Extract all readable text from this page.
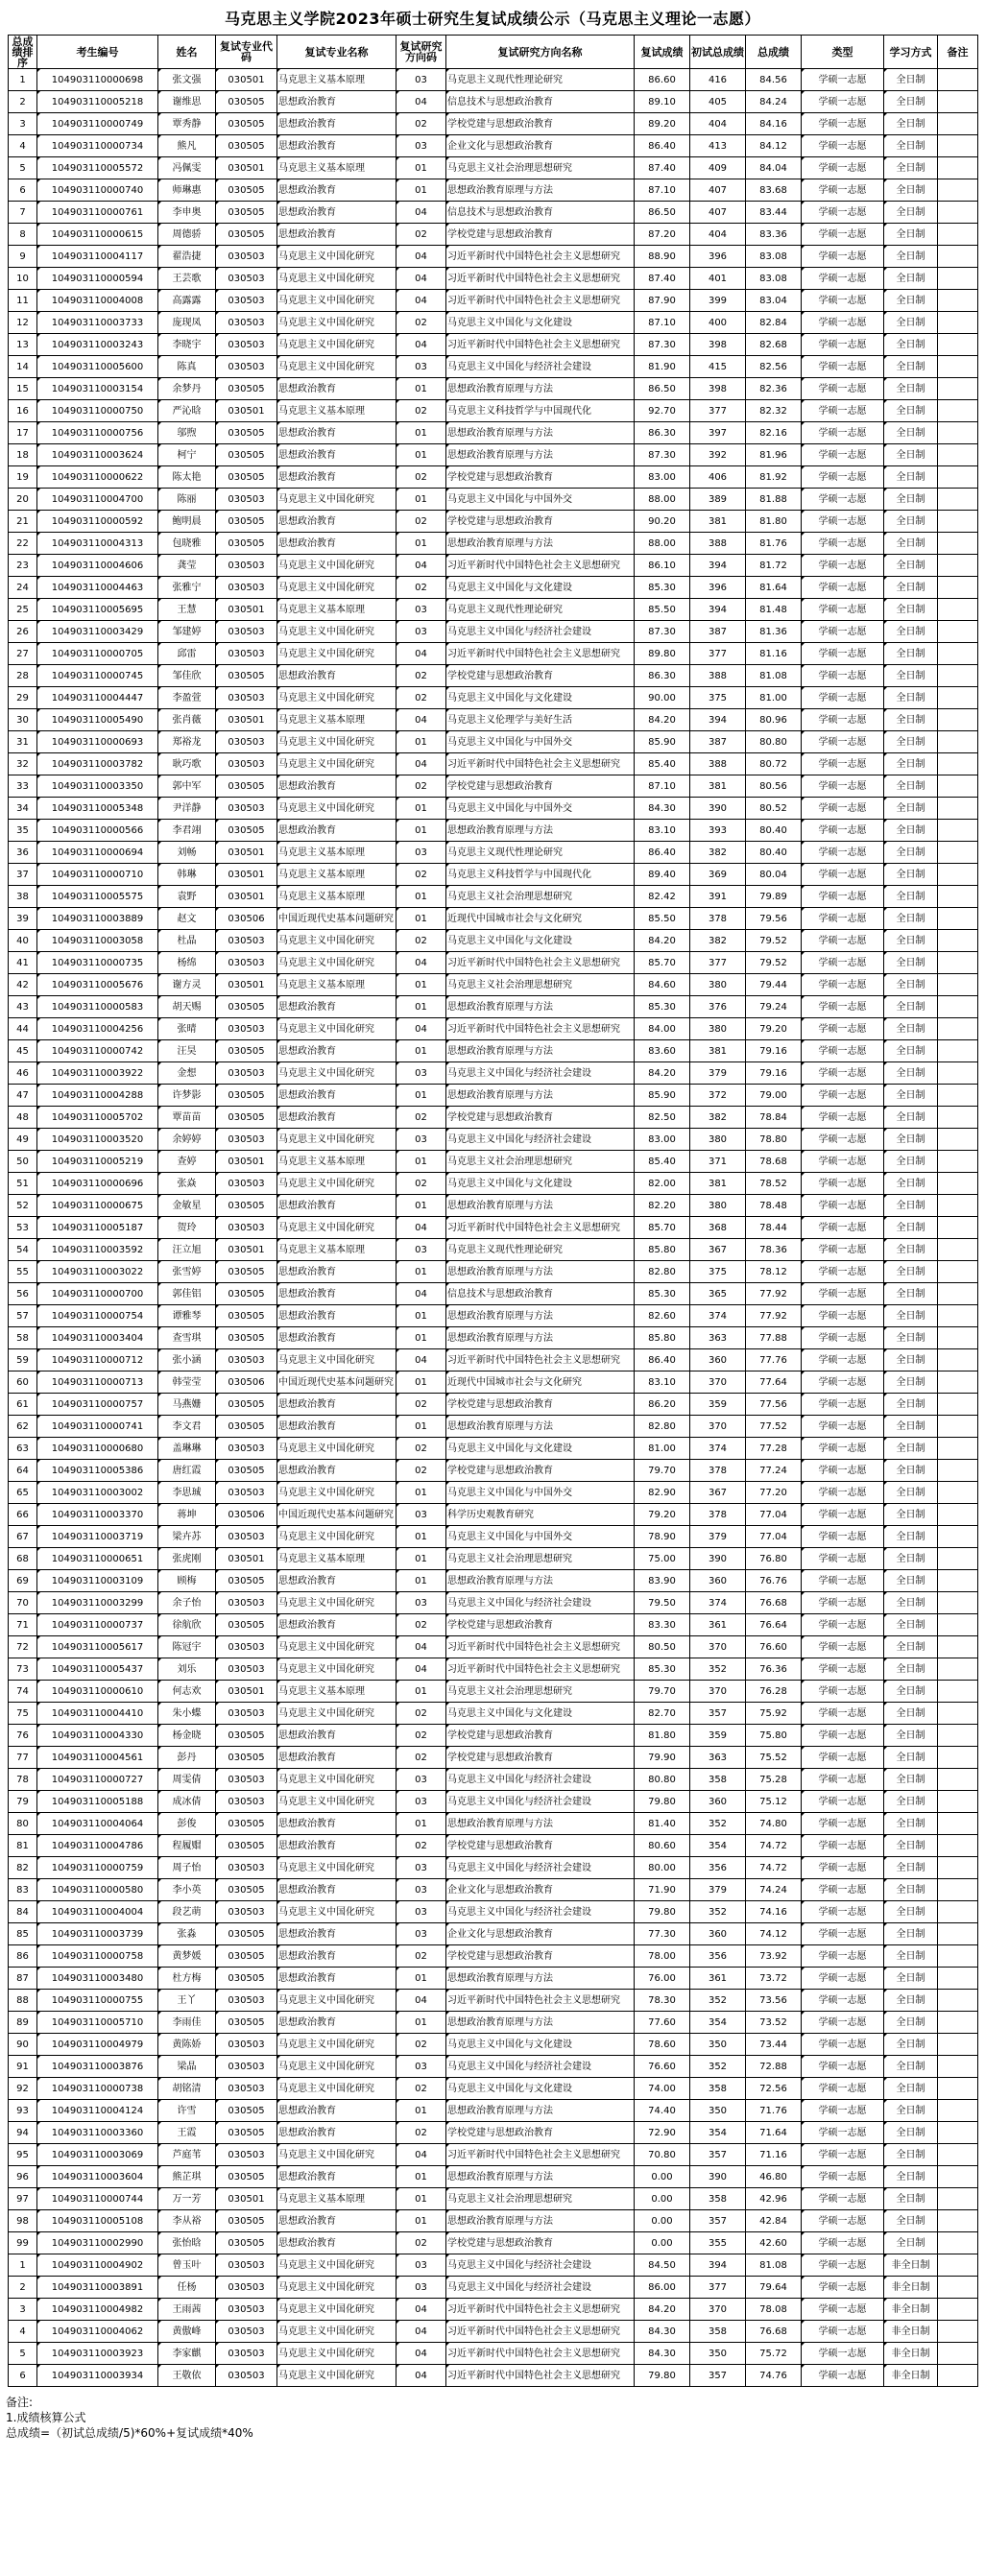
马克思主义学院2023年硕士研究生复试成绩公示（马克思主义理论一志愿）
总成绩排序	考生编号	姓名	复试专业代码	复试专业名称	复试研究方向码	复试研究方向名称	复试成绩	初试总成绩	总成绩	类型	学习方式	备注
1	104903110000698	张文强	030501	马克思主义基本原理	03	马克思主义现代性理论研究	86.60	416	84.56	学硕一志愿	全日制	
2	104903110005218	谢维思	030505	思想政治教育	04	信息技术与思想政治教育	89.10	405	84.24	学硕一志愿	全日制	
3	104903110000749	覃秀静	030505	思想政治教育	02	学校党建与思想政治教育	89.20	404	84.16	学硕一志愿	全日制	
4	104903110000734	熊凡	030505	思想政治教育	03	企业文化与思想政治教育	86.40	413	84.12	学硕一志愿	全日制	
5	104903110005572	冯佩雯	030501	马克思主义基本原理	01	马克思主义社会治理思想研究	87.40	409	84.04	学硕一志愿	全日制	
6	104903110000740	师琳惠	030505	思想政治教育	01	思想政治教育原理与方法	87.10	407	83.68	学硕一志愿	全日制	
7	104903110000761	李申奥	030505	思想政治教育	04	信息技术与思想政治教育	86.50	407	83.44	学硕一志愿	全日制	
8	104903110000615	周德骄	030505	思想政治教育	02	学校党建与思想政治教育	87.20	404	83.36	学硕一志愿	全日制	
9	104903110004117	翟浩捷	030503	马克思主义中国化研究	04	习近平新时代中国特色社会主义思想研究	88.90	396	83.08	学硕一志愿	全日制	
10	104903110000594	王芸歌	030503	马克思主义中国化研究	04	习近平新时代中国特色社会主义思想研究	87.40	401	83.08	学硕一志愿	全日制	
11	104903110004008	高露露	030503	马克思主义中国化研究	04	习近平新时代中国特色社会主义思想研究	87.90	399	83.04	学硕一志愿	全日制	
12	104903110003733	庞现凤	030503	马克思主义中国化研究	02	马克思主义中国化与文化建设	87.10	400	82.84	学硕一志愿	全日制	
13	104903110003243	李晓宇	030503	马克思主义中国化研究	04	习近平新时代中国特色社会主义思想研究	87.30	398	82.68	学硕一志愿	全日制	
14	104903110005600	陈真	030503	马克思主义中国化研究	03	马克思主义中国化与经济社会建设	81.90	415	82.56	学硕一志愿	全日制	
15	104903110003154	余梦丹	030505	思想政治教育	01	思想政治教育原理与方法	86.50	398	82.36	学硕一志愿	全日制	
16	104903110000750	严沁晗	030501	马克思主义基本原理	02	马克思主义科技哲学与中国现代化	92.70	377	82.32	学硕一志愿	全日制	
17	104903110000756	邬煦	030505	思想政治教育	01	思想政治教育原理与方法	86.30	397	82.16	学硕一志愿	全日制	
18	104903110003624	柯宁	030505	思想政治教育	01	思想政治教育原理与方法	87.30	392	81.96	学硕一志愿	全日制	
19	104903110000622	陈太艳	030505	思想政治教育	02	学校党建与思想政治教育	83.00	406	81.92	学硕一志愿	全日制	
20	104903110004700	陈丽	030503	马克思主义中国化研究	01	马克思主义中国化与中国外交	88.00	389	81.88	学硕一志愿	全日制	
21	104903110000592	鲍明晨	030505	思想政治教育	02	学校党建与思想政治教育	90.20	381	81.80	学硕一志愿	全日制	
22	104903110004313	包晓雅	030505	思想政治教育	01	思想政治教育原理与方法	88.00	388	81.76	学硕一志愿	全日制	
23	104903110004606	龚莹	030503	马克思主义中国化研究	04	习近平新时代中国特色社会主义思想研究	86.10	394	81.72	学硕一志愿	全日制	
24	104903110004463	张雅宁	030503	马克思主义中国化研究	02	马克思主义中国化与文化建设	85.30	396	81.64	学硕一志愿	全日制	
25	104903110005695	王慧	030501	马克思主义基本原理	03	马克思主义现代性理论研究	85.50	394	81.48	学硕一志愿	全日制	
26	104903110003429	邹建婷	030503	马克思主义中国化研究	03	马克思主义中国化与经济社会建设	87.30	387	81.36	学硕一志愿	全日制	
27	104903110000705	邱雷	030503	马克思主义中国化研究	04	习近平新时代中国特色社会主义思想研究	89.80	377	81.16	学硕一志愿	全日制	
28	104903110000745	邹佳欣	030505	思想政治教育	02	学校党建与思想政治教育	86.30	388	81.08	学硕一志愿	全日制	
29	104903110004447	李盈萱	030503	马克思主义中国化研究	02	马克思主义中国化与文化建设	90.00	375	81.00	学硕一志愿	全日制	
30	104903110005490	张肖薇	030501	马克思主义基本原理	04	马克思主义伦理学与美好生活	84.20	394	80.96	学硕一志愿	全日制	
31	104903110000693	郑裕龙	030503	马克思主义中国化研究	01	马克思主义中国化与中国外交	85.90	387	80.80	学硕一志愿	全日制	
32	104903110003782	耿巧歌	030503	马克思主义中国化研究	04	习近平新时代中国特色社会主义思想研究	85.40	388	80.72	学硕一志愿	全日制	
33	104903110003350	郭中军	030505	思想政治教育	02	学校党建与思想政治教育	87.10	381	80.56	学硕一志愿	全日制	
34	104903110005348	尹洋静	030503	马克思主义中国化研究	01	马克思主义中国化与中国外交	84.30	390	80.52	学硕一志愿	全日制	
35	104903110000566	李君翊	030505	思想政治教育	01	思想政治教育原理与方法	83.10	393	80.40	学硕一志愿	全日制	
36	104903110000694	刘畅	030501	马克思主义基本原理	03	马克思主义现代性理论研究	86.40	382	80.40	学硕一志愿	全日制	
37	104903110000710	韩琳	030501	马克思主义基本原理	02	马克思主义科技哲学与中国现代化	89.40	369	80.04	学硕一志愿	全日制	
38	104903110005575	袁野	030501	马克思主义基本原理	01	马克思主义社会治理思想研究	82.42	391	79.89	学硕一志愿	全日制	
39	104903110003889	赵文	030506	中国近现代史基本问题研究	01	近现代中国城市社会与文化研究	85.50	378	79.56	学硕一志愿	全日制	
40	104903110003058	杜晶	030503	马克思主义中国化研究	02	马克思主义中国化与文化建设	84.20	382	79.52	学硕一志愿	全日制	
41	104903110000735	杨绵	030503	马克思主义中国化研究	04	习近平新时代中国特色社会主义思想研究	85.70	377	79.52	学硕一志愿	全日制	
42	104903110005676	谢方灵	030501	马克思主义基本原理	01	马克思主义社会治理思想研究	84.60	380	79.44	学硕一志愿	全日制	
43	104903110000583	胡天赐	030505	思想政治教育	01	思想政治教育原理与方法	85.30	376	79.24	学硕一志愿	全日制	
44	104903110004256	张晴	030503	马克思主义中国化研究	04	习近平新时代中国特色社会主义思想研究	84.00	380	79.20	学硕一志愿	全日制	
45	104903110000742	汪昊	030505	思想政治教育	01	思想政治教育原理与方法	83.60	381	79.16	学硕一志愿	全日制	
46	104903110003922	金想	030503	马克思主义中国化研究	03	马克思主义中国化与经济社会建设	84.20	379	79.16	学硕一志愿	全日制	
47	104903110004288	许梦影	030505	思想政治教育	01	思想政治教育原理与方法	85.90	372	79.00	学硕一志愿	全日制	
48	104903110005702	覃苗苗	030505	思想政治教育	02	学校党建与思想政治教育	82.50	382	78.84	学硕一志愿	全日制	
49	104903110003520	余婷婷	030503	马克思主义中国化研究	03	马克思主义中国化与经济社会建设	83.00	380	78.80	学硕一志愿	全日制	
50	104903110005219	查婷	030501	马克思主义基本原理	01	马克思主义社会治理思想研究	85.40	371	78.68	学硕一志愿	全日制	
51	104903110000696	张焱	030503	马克思主义中国化研究	02	马克思主义中国化与文化建设	82.00	381	78.52	学硕一志愿	全日制	
52	104903110000675	金敏星	030505	思想政治教育	01	思想政治教育原理与方法	82.20	380	78.48	学硕一志愿	全日制	
53	104903110005187	贺玲	030503	马克思主义中国化研究	04	习近平新时代中国特色社会主义思想研究	85.70	368	78.44	学硕一志愿	全日制	
54	104903110003592	汪立旭	030501	马克思主义基本原理	03	马克思主义现代性理论研究	85.80	367	78.36	学硕一志愿	全日制	
55	104903110003022	张雪婷	030505	思想政治教育	01	思想政治教育原理与方法	82.80	375	78.12	学硕一志愿	全日制	
56	104903110000700	郭佳铝	030505	思想政治教育	04	信息技术与思想政治教育	85.30	365	77.92	学硕一志愿	全日制	
57	104903110000754	谭雅琴	030505	思想政治教育	01	思想政治教育原理与方法	82.60	374	77.92	学硕一志愿	全日制	
58	104903110003404	查雪琪	030505	思想政治教育	01	思想政治教育原理与方法	85.80	363	77.88	学硕一志愿	全日制	
59	104903110000712	张小涵	030503	马克思主义中国化研究	04	习近平新时代中国特色社会主义思想研究	86.40	360	77.76	学硕一志愿	全日制	
60	104903110000713	韩莹莹	030506	中国近现代史基本问题研究	01	近现代中国城市社会与文化研究	83.10	370	77.64	学硕一志愿	全日制	
61	104903110000757	马燕姗	030505	思想政治教育	02	学校党建与思想政治教育	86.20	359	77.56	学硕一志愿	全日制	
62	104903110000741	李文君	030505	思想政治教育	01	思想政治教育原理与方法	82.80	370	77.52	学硕一志愿	全日制	
63	104903110000680	盖琳琳	030503	马克思主义中国化研究	02	马克思主义中国化与文化建设	81.00	374	77.28	学硕一志愿	全日制	
64	104903110005386	唐红霞	030505	思想政治教育	02	学校党建与思想政治教育	79.70	378	77.24	学硕一志愿	全日制	
65	104903110003002	李思珹	030503	马克思主义中国化研究	01	马克思主义中国化与中国外交	82.90	367	77.20	学硕一志愿	全日制	
66	104903110003370	蒋坤	030506	中国近现代史基本问题研究	03	科学历史观教育研究	79.20	378	77.04	学硕一志愿	全日制	
67	104903110003719	梁卉苏	030503	马克思主义中国化研究	01	马克思主义中国化与中国外交	78.90	379	77.04	学硕一志愿	全日制	
68	104903110000651	张虎刚	030501	马克思主义基本原理	01	马克思主义社会治理思想研究	75.00	390	76.80	学硕一志愿	全日制	
69	104903110003109	顾梅	030505	思想政治教育	01	思想政治教育原理与方法	83.90	360	76.76	学硕一志愿	全日制	
70	104903110003299	余子怡	030503	马克思主义中国化研究	03	马克思主义中国化与经济社会建设	79.50	374	76.68	学硕一志愿	全日制	
71	104903110000737	徐航欣	030505	思想政治教育	02	学校党建与思想政治教育	83.30	361	76.64	学硕一志愿	全日制	
72	104903110005617	陈冠宇	030503	马克思主义中国化研究	04	习近平新时代中国特色社会主义思想研究	80.50	370	76.60	学硕一志愿	全日制	
73	104903110005437	刘乐	030503	马克思主义中国化研究	04	习近平新时代中国特色社会主义思想研究	85.30	352	76.36	学硕一志愿	全日制	
74	104903110000610	何志欢	030501	马克思主义基本原理	01	马克思主义社会治理思想研究	79.70	370	76.28	学硕一志愿	全日制	
75	104903110004410	朱小蝶	030503	马克思主义中国化研究	02	马克思主义中国化与文化建设	82.70	357	75.92	学硕一志愿	全日制	
76	104903110004330	杨金晓	030505	思想政治教育	02	学校党建与思想政治教育	81.80	359	75.80	学硕一志愿	全日制	
77	104903110004561	彭丹	030505	思想政治教育	02	学校党建与思想政治教育	79.90	363	75.52	学硕一志愿	全日制	
78	104903110000727	周雯倩	030503	马克思主义中国化研究	03	马克思主义中国化与经济社会建设	80.80	358	75.28	学硕一志愿	全日制	
79	104903110005188	成冰倩	030503	马克思主义中国化研究	03	马克思主义中国化与经济社会建设	79.80	360	75.12	学硕一志愿	全日制	
80	104903110004064	彭俊	030505	思想政治教育	01	思想政治教育原理与方法	81.40	352	74.80	学硕一志愿	全日制	
81	104903110004786	程履赗	030505	思想政治教育	02	学校党建与思想政治教育	80.60	354	74.72	学硕一志愿	全日制	
82	104903110000759	周子怡	030503	马克思主义中国化研究	03	马克思主义中国化与经济社会建设	80.00	356	74.72	学硕一志愿	全日制	
83	104903110000580	李小英	030505	思想政治教育	03	企业文化与思想政治教育	71.90	379	74.24	学硕一志愿	全日制	
84	104903110004004	段艺萌	030503	马克思主义中国化研究	03	马克思主义中国化与经济社会建设	79.80	352	74.16	学硕一志愿	全日制	
85	104903110003739	张淼	030505	思想政治教育	03	企业文化与思想政治教育	77.30	360	74.12	学硕一志愿	全日制	
86	104903110000758	黄梦媛	030505	思想政治教育	02	学校党建与思想政治教育	78.00	356	73.92	学硕一志愿	全日制	
87	104903110003480	杜方梅	030505	思想政治教育	01	思想政治教育原理与方法	76.00	361	73.72	学硕一志愿	全日制	
88	104903110000755	王丫	030503	马克思主义中国化研究	04	习近平新时代中国特色社会主义思想研究	78.30	352	73.56	学硕一志愿	全日制	
89	104903110005710	李雨佳	030505	思想政治教育	01	思想政治教育原理与方法	77.60	354	73.52	学硕一志愿	全日制	
90	104903110004979	黄陈娇	030503	马克思主义中国化研究	02	马克思主义中国化与文化建设	78.60	350	73.44	学硕一志愿	全日制	
91	104903110003876	梁晶	030503	马克思主义中国化研究	03	马克思主义中国化与经济社会建设	76.60	352	72.88	学硕一志愿	全日制	
92	104903110000738	胡铭清	030503	马克思主义中国化研究	02	马克思主义中国化与文化建设	74.00	358	72.56	学硕一志愿	全日制	
93	104903110004124	许雪	030505	思想政治教育	01	思想政治教育原理与方法	74.40	350	71.76	学硕一志愿	全日制	
94	104903110003360	王霞	030505	思想政治教育	02	学校党建与思想政治教育	72.90	354	71.64	学硕一志愿	全日制	
95	104903110003069	芦庭苇	030503	马克思主义中国化研究	04	习近平新时代中国特色社会主义思想研究	70.80	357	71.16	学硕一志愿	全日制	
96	104903110003604	熊芷琪	030505	思想政治教育	01	思想政治教育原理与方法	0.00	390	46.80	学硕一志愿	全日制	
97	104903110000744	万一芳	030501	马克思主义基本原理	01	马克思主义社会治理思想研究	0.00	358	42.96	学硕一志愿	全日制	
98	104903110005108	李从裕	030505	思想政治教育	01	思想政治教育原理与方法	0.00	357	42.84	学硕一志愿	全日制	
99	104903110002990	张怡晗	030505	思想政治教育	02	学校党建与思想政治教育	0.00	355	42.60	学硕一志愿	全日制	
1	104903110004902	曾玉叶	030503	马克思主义中国化研究	03	马克思主义中国化与经济社会建设	84.50	394	81.08	学硕一志愿	非全日制	
2	104903110003891	任杨	030503	马克思主义中国化研究	03	马克思主义中国化与经济社会建设	86.00	377	79.64	学硕一志愿	非全日制	
3	104903110004982	王雨茜	030503	马克思主义中国化研究	04	习近平新时代中国特色社会主义思想研究	84.20	370	78.08	学硕一志愿	非全日制	
4	104903110004062	黄傲峰	030503	马克思主义中国化研究	04	习近平新时代中国特色社会主义思想研究	84.30	358	76.68	学硕一志愿	非全日制	
5	104903110003923	李家麒	030503	马克思主义中国化研究	04	习近平新时代中国特色社会主义思想研究	84.30	350	75.72	学硕一志愿	非全日制	
6	104903110003934	王敬依	030503	马克思主义中国化研究	04	习近平新时代中国特色社会主义思想研究	79.80	357	74.76	学硕一志愿	非全日制	
备注:
1.成绩核算公式
总成绩=（初试总成绩/5)*60%+复试成绩*40%
